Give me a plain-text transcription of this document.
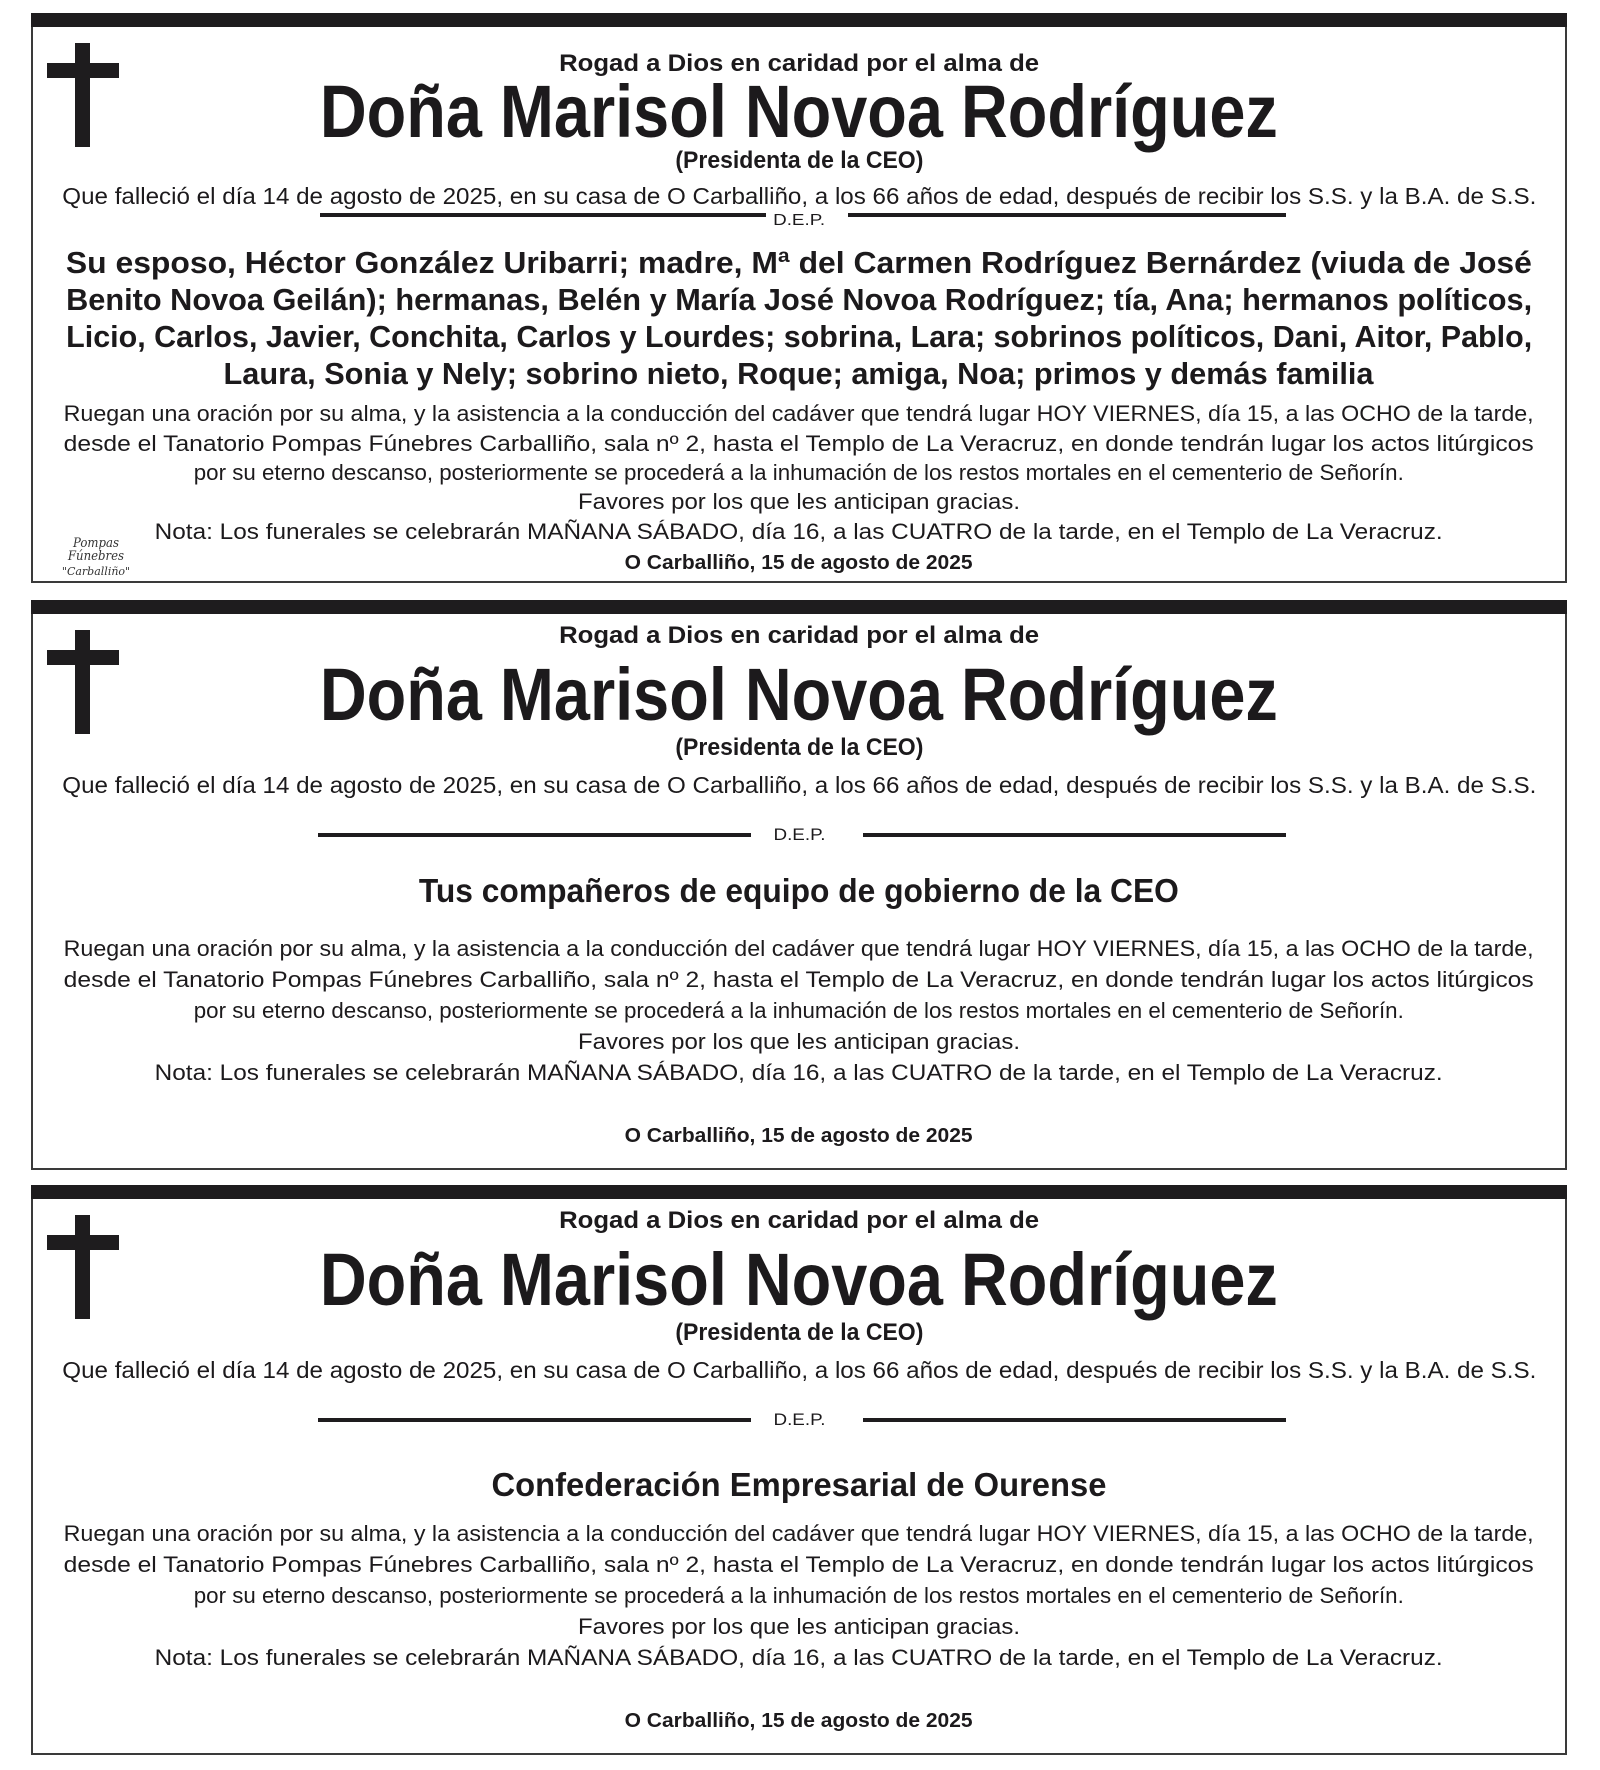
Rogad a Dios en caridad por el alma de
Doña Marisol Novoa Rodríguez
(Presidenta de la CEO)
Que falleció el día 14 de agosto de 2025, en su casa de O Carballiño, a los 66 años de edad, después de recibir los S.S. y la B.A. de S.S.
D.E.P.
Su esposo, Héctor González Uribarri; madre, Mª del Carmen Rodríguez Bernárdez (viuda de José
Benito Novoa Geilán); hermanas, Belén y María José Novoa Rodríguez; tía, Ana; hermanos políticos,
Licio, Carlos, Javier, Conchita, Carlos y Lourdes; sobrina, Lara; sobrinos políticos, Dani, Aitor, Pablo,
Laura, Sonia y Nely; sobrino nieto, Roque; amiga, Noa; primos y demás familia
Ruegan una oración por su alma, y la asistencia a la conducción del cadáver que tendrá lugar HOY VIERNES, día 15, a las OCHO de la tarde,
desde el Tanatorio Pompas Fúnebres Carballiño, sala nº 2, hasta el Templo de La Veracruz, en donde tendrán lugar los actos litúrgicos
por su eterno descanso, posteriormente se procederá a la inhumación de los restos mortales en el cementerio de Señorín.
Favores por los que les anticipan gracias.
Nota: Los funerales se celebrarán MAÑANA SÁBADO, día 16, a las CUATRO de la tarde, en el Templo de La Veracruz.
O Carballiño, 15 de agosto de 2025
Pompas Fúnebres
"Carballiño"
Rogad a Dios en caridad por el alma de
Doña Marisol Novoa Rodríguez
(Presidenta de la CEO)
Que falleció el día 14 de agosto de 2025, en su casa de O Carballiño, a los 66 años de edad, después de recibir los S.S. y la B.A. de S.S.
D.E.P.
Tus compañeros de equipo de gobierno de la CEO
Ruegan una oración por su alma, y la asistencia a la conducción del cadáver que tendrá lugar HOY VIERNES, día 15, a las OCHO de la tarde,
desde el Tanatorio Pompas Fúnebres Carballiño, sala nº 2, hasta el Templo de La Veracruz, en donde tendrán lugar los actos litúrgicos
por su eterno descanso, posteriormente se procederá a la inhumación de los restos mortales en el cementerio de Señorín.
Favores por los que les anticipan gracias.
Nota: Los funerales se celebrarán MAÑANA SÁBADO, día 16, a las CUATRO de la tarde, en el Templo de La Veracruz.
O Carballiño, 15 de agosto de 2025
Rogad a Dios en caridad por el alma de
Doña Marisol Novoa Rodríguez
(Presidenta de la CEO)
Que falleció el día 14 de agosto de 2025, en su casa de O Carballiño, a los 66 años de edad, después de recibir los S.S. y la B.A. de S.S.
D.E.P.
Confederación Empresarial de Ourense
Ruegan una oración por su alma, y la asistencia a la conducción del cadáver que tendrá lugar HOY VIERNES, día 15, a las OCHO de la tarde,
desde el Tanatorio Pompas Fúnebres Carballiño, sala nº 2, hasta el Templo de La Veracruz, en donde tendrán lugar los actos litúrgicos
por su eterno descanso, posteriormente se procederá a la inhumación de los restos mortales en el cementerio de Señorín.
Favores por los que les anticipan gracias.
Nota: Los funerales se celebrarán MAÑANA SÁBADO, día 16, a las CUATRO de la tarde, en el Templo de La Veracruz.
O Carballiño, 15 de agosto de 2025
